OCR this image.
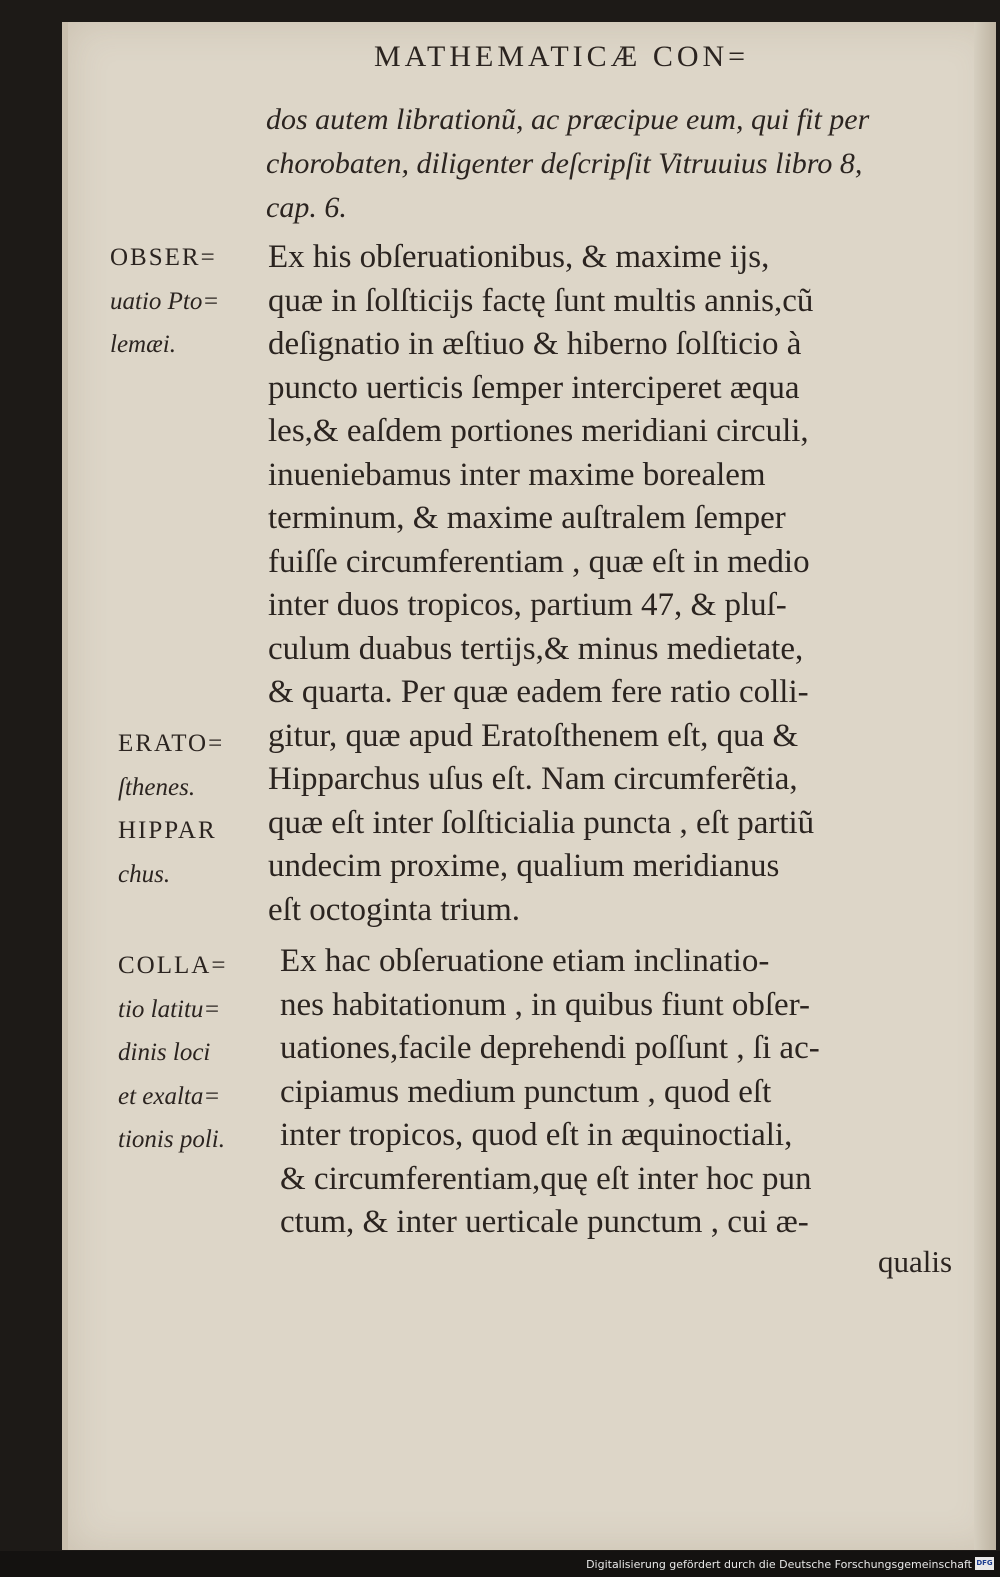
MATHEMATICÆ CON=
dos autem librationũ, ac præcipue eum, qui fit per
chorobaten, diligenter deſcripſit Vitruuius libro 8,
cap. 6.
Ex his obſeruationibus, & maxime ijs,
quæ in ſolſticijs factę ſunt multis annis,cũ
deſignatio in æſtiuo & hiberno ſolſticio à
puncto uerticis ſemper interciperet æqua
les,& eaſdem portiones meridiani circuli,
inueniebamus inter maxime borealem
terminum, & maxime auſtralem ſemper
fuiſſe circumferentiam , quæ eſt in medio
inter duos tropicos, partium 47, & pluſ-
culum duabus tertijs,& minus medietate,
& quarta. Per quæ eadem fere ratio colli-
gitur, quæ apud Eratoſthenem eſt, qua &
Hipparchus uſus eſt. Nam circumferẽtia,
quæ eſt inter ſolſticialia puncta , eſt partiũ
undecim proxime, qualium meridianus
eſt octoginta trium.
Ex hac obſeruatione etiam inclinatio-
nes habitationum , in quibus fiunt obſer-
uationes,facile deprehendi poſſunt , ſi ac-
cipiamus medium punctum , quod eſt
inter tropicos, quod eſt in æquinoctiali,
& circumferentiam,quę eſt inter hoc pun
ctum, & inter uerticale punctum , cui æ-
OBSER=
uatio Pto=
lemæi.
ERATO=
ſthenes.
HIPPAR
chus.
COLLA=
tio latitu=
dinis loci
et exalta=
tionis poli.
qualis
Digitalisierung gefördert durch die Deutsche Forschungsgemeinschaft DFG
